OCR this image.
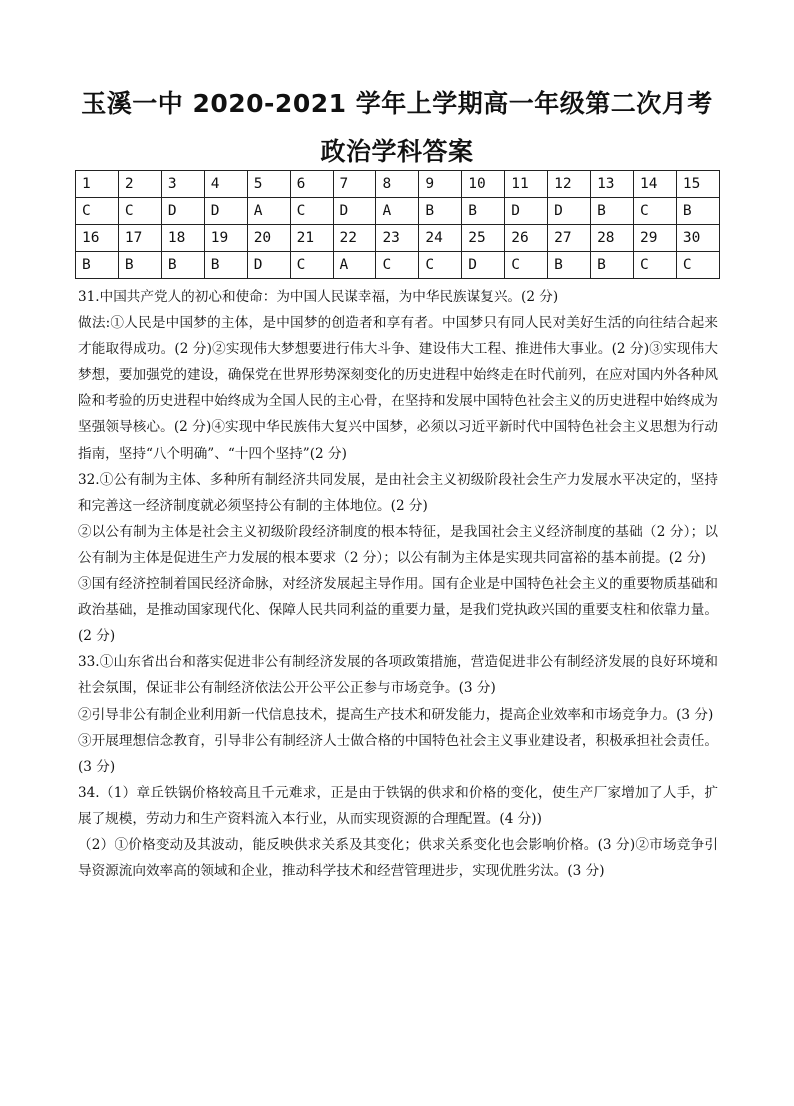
玉溪一中 2020-2021 学年上学期高一年级第二次月考
政治学科答案
1	2	3	4	5	6	7	8	9	10	11	12	13	14	15
C	C	D	D	A	C	D	A	B	B	D	D	B	C	B
16	17	18	19	20	21	22	23	24	25	26	27	28	29	30
B	B	B	B	D	C	A	C	C	D	C	B	B	C	C

31.中国共产党人的初心和使命：为中国人民谋幸福，为中华民族谋复兴。(2 分)

做法:①人民是中国梦的主体，是中国梦的创造者和享有者。中国梦只有同人民对美好生活的向往结合起来才能取得成功。(2 分)②实现伟大梦想要进行伟大斗争、建设伟大工程、推进伟大事业。(2 分)③实现伟大梦想，要加强党的建设，确保党在世界形势深刻变化的历史进程中始终走在时代前列，在应对国内外各种风险和考验的历史进程中始终成为全国人民的主心骨，在坚持和发展中国特色社会主义的历史进程中始终成为坚强领导核心。(2 分)④实现中华民族伟大复兴中国梦，必须以习近平新时代中国特色社会主义思想为行动指南，坚持“八个明确”、“十四个坚持”(2 分)

32.①公有制为主体、多种所有制经济共同发展，是由社会主义初级阶段社会生产力发展水平决定的，坚持和完善这一经济制度就必须坚持公有制的主体地位。(2 分)

②以公有制为主体是社会主义初级阶段经济制度的根本特征，是我国社会主义经济制度的基础（2 分）；以公有制为主体是促进生产力发展的根本要求（2 分）；以公有制为主体是实现共同富裕的基本前提。(2 分)

③国有经济控制着国民经济命脉，对经济发展起主导作用。国有企业是中国特色社会主义的重要物质基础和政治基础，是推动国家现代化、保障人民共同利益的重要力量，是我们党执政兴国的重要支柱和依靠力量。(2 分)

33.①山东省出台和落实促进非公有制经济发展的各项政策措施，营造促进非公有制经济发展的良好环境和社会氛围，保证非公有制经济依法公开公平公正参与市场竞争。(3 分)

②引导非公有制企业利用新一代信息技术，提高生产技术和研发能力，提高企业效率和市场竞争力。(3 分)

③开展理想信念教育，引导非公有制经济人士做合格的中国特色社会主义事业建设者，积极承担社会责任。(3 分)

34.（1）章丘铁锅价格较高且千元难求，正是由于铁锅的供求和价格的变化，使生产厂家增加了人手，扩展了规模，劳动力和生产资料流入本行业，从而实现资源的合理配置。(4 分))

（2）①价格变动及其波动，能反映供求关系及其变化；供求关系变化也会影响价格。(3 分)②市场竞争引导资源流向效率高的领域和企业，推动科学技术和经营管理进步，实现优胜劣汰。(3 分)
